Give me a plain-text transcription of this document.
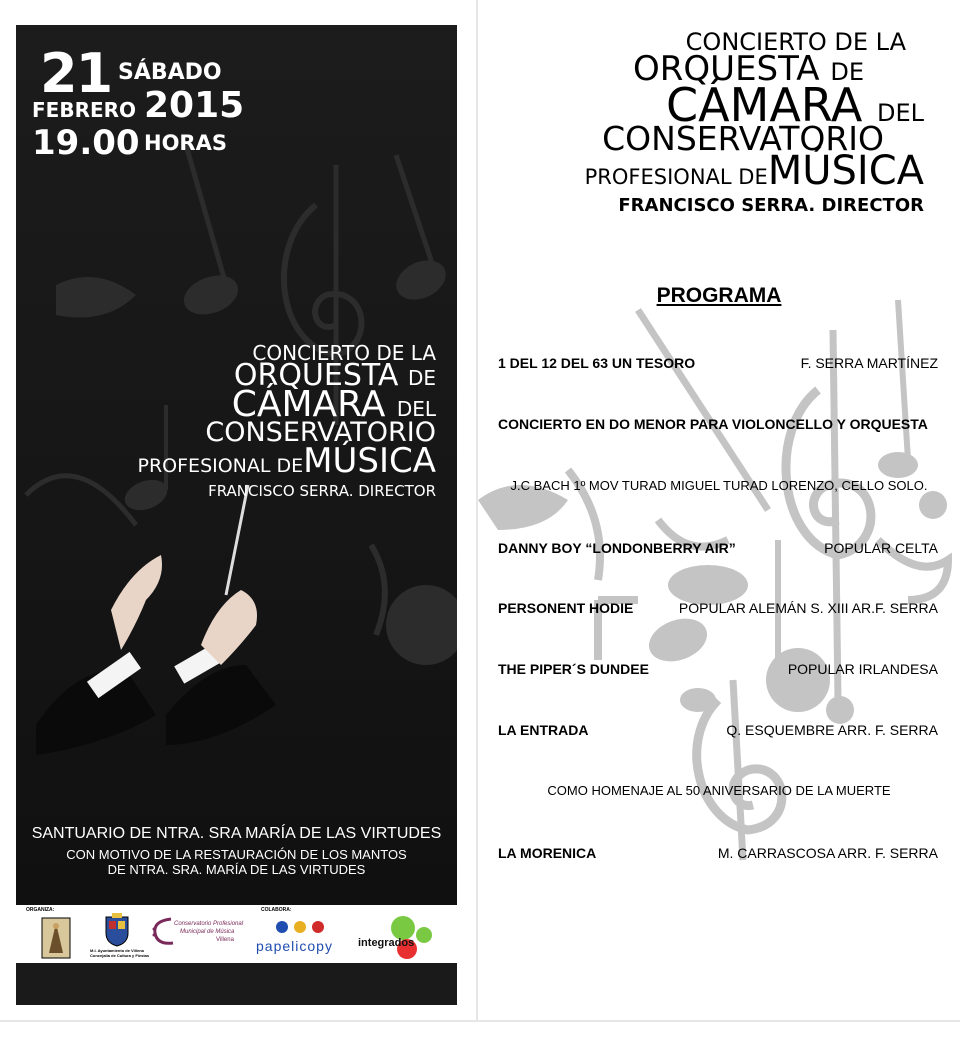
21 SÁBADO
FEBRERO 2015
19.00 HORAS
CONCIERTO DE LA
ORQUESTA DE
CÁMARA DEL
CONSERVATORIO
PROFESIONAL DEMÚSICA
FRANCISCO SERRA. DIRECTOR
SANTUARIO DE NTRA. SRA MARÍA DE LAS VIRTUDES
CON MOTIVO DE LA RESTAURACIÓN DE LOS MANTOS
DE NTRA. SRA. MARÍA DE LAS VIRTUDES
ORGANIZA:	COLABORA:
M.I. Ayuntamiento de Villena
Concejalía de Cultura y Fiestas
Conservatorio Profesional
Municipal de Música
Villena papelicopy integrados
CONCIERTO DE LA
ORQUESTA DE
CÁMARA DEL
CONSERVATORIO
PROFESIONAL DEMÚSICA
FRANCISCO SERRA. DIRECTOR
PROGRAMA
1 DEL 12 DEL 63 UN TESORO	F. SERRA MARTÍNEZ
CONCIERTO EN DO MENOR PARA VIOLONCELLO Y ORQUESTA
J.C BACH 1º MOV TURAD MIGUEL TURAD LORENZO, CELLO SOLO.
DANNY BOY “LONDONBERRY AIR”	POPULAR CELTA
PERSONENT HODIE	POPULAR ALEMÁN S. XIII AR.F. SERRA
THE PIPER´S DUNDEE	POPULAR IRLANDESA
LA ENTRADA	Q. ESQUEMBRE ARR. F. SERRA
COMO HOMENAJE AL 50 ANIVERSARIO DE LA MUERTE
LA MORENICA	M. CARRASCOSA ARR. F. SERRA
